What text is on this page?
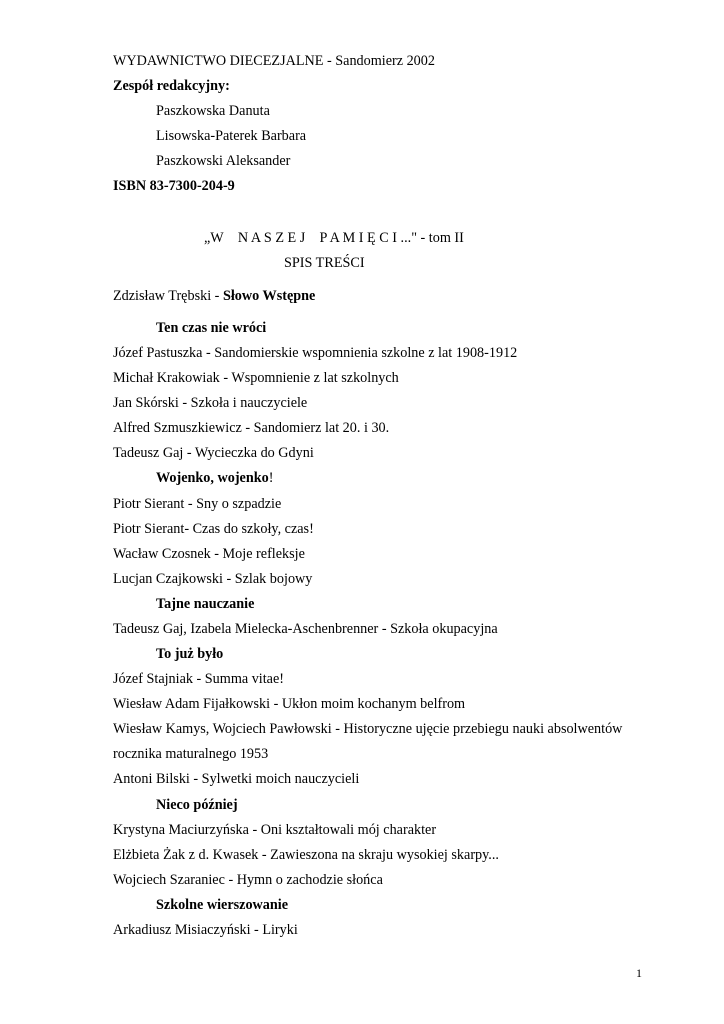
WYDAWNICTWO DIECEZJALNE - Sandomierz 2002
Zespół redakcyjny:
Paszkowska Danuta
Lisowska-Paterek Barbara
Paszkowski Aleksander
ISBN 83-7300-204-9
„W N A S Z E J P A M I Ę C I ..." - tom II
SPIS TREŚCI
Zdzisław Trębski - Słowo Wstępne
Ten czas nie wróci
Józef Pastuszka - Sandomierskie wspomnienia szkolne z lat 1908-1912
Michał Krakowiak - Wspomnienie z lat szkolnych
Jan Skórski - Szkoła i nauczyciele
Alfred Szmuszkiewicz - Sandomierz lat 20. i 30.
Tadeusz Gaj - Wycieczka do Gdyni
Wojenko, wojenko!
Piotr Sierant - Sny o szpadzie
Piotr Sierant- Czas do szkoły, czas!
Wacław Czosnek - Moje refleksje
Lucjan Czajkowski - Szlak bojowy
Tajne nauczanie
Tadeusz Gaj, Izabela Mielecka-Aschenbrenner - Szkoła okupacyjna
To już było
Józef Stajniak - Summa vitae!
Wiesław Adam Fijałkowski - Ukłon moim kochanym belfrom
Wiesław Kamys, Wojciech Pawłowski - Historyczne ujęcie przebiegu nauki absolwentów
rocznika maturalnego 1953
Antoni Bilski - Sylwetki moich nauczycieli
Nieco później
Krystyna Maciurzyńska - Oni kształtowali mój charakter
Elżbieta Żak z d. Kwasek - Zawieszona na skraju wysokiej skarpy...
Wojciech Szaraniec - Hymn o zachodzie słońca
Szkolne wierszowanie
Arkadiusz Misiaczyński - Liryki
1
